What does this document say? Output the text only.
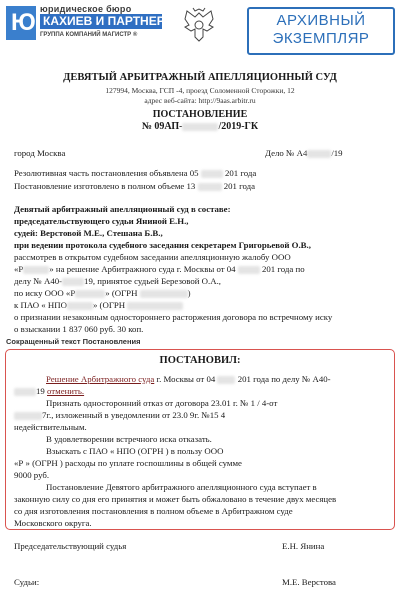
Ю юридическое бюро
КАХИЕВ И ПАРТНЕРЫ
ГРУППА КОМПАНИЙ МАГИСТР ®
АРХИВНЫЙ
ЭКЗЕМПЛЯР
ДЕВЯТЫЙ АРБИТРАЖНЫЙ АПЕЛЛЯЦИОННЫЙ СУД
127994, Москва, ГСП -4, проезд Соломенной Сторожки, 12
адрес веб-сайта: http://9aas.arbitr.ru
ПОСТАНОВЛЕНИЕ
№ 09АП-	/2019-ГК
город Москва	Дело № А4	/19
Резолютивная часть постановления объявлена 05	201 года
Постановление изготовлено в полном объеме 13	201 года
Девятый арбитражный апелляционный суд в составе:
председательствующего судьи Яниной Е.Н.,
судей: Верстовой М.Е., Стешана Б.В.,
при ведении протокола судебного заседания секретарем Григорьевой О.В.,
рассмотрев в открытом судебном заседании апелляционную жалобу ООО
«Р	» на решение Арбитражного суда г. Москвы от 04	201 года по
делу № А40-	19, принятое судьей Березовой О.А.,
по иску ООО «Р	» (ОГРН	)
к ПАО « НПО	» (ОГРН
о признании незаконным одностороннего расторжения договора по встречному иску
о взыскании 1 837 060 руб. 30 коп.
Сокращенный текст Постановления
ПОСТАНОВИЛ:
Решение Арбитражного суда г. Москвы от 04	201 года по делу № А40-
19 отменить.
Признать односторонний отказ от договора 23.01 г. № 1 / 4-от
7г., изложенный в уведомлении от 23.0 9г. №15 4
недействительным.
В удовлетворении встречного иска отказать.
Взыскать с ПАО « НПО (ОГРН ) в пользу ООО
«Р » (ОГРН ) расходы по уплате госпошлины в общей сумме
9000 руб.
Постановление Девятого арбитражного апелляционного суда вступает в
законную силу со дня его принятия и может быть обжаловано в течение двух месяцев
со дня изготовления постановления в полном объеме в Арбитражном суде
Московского округа.
Председательствующий судья	Е.Н. Янина
Судьи:	М.Е. Верстова
